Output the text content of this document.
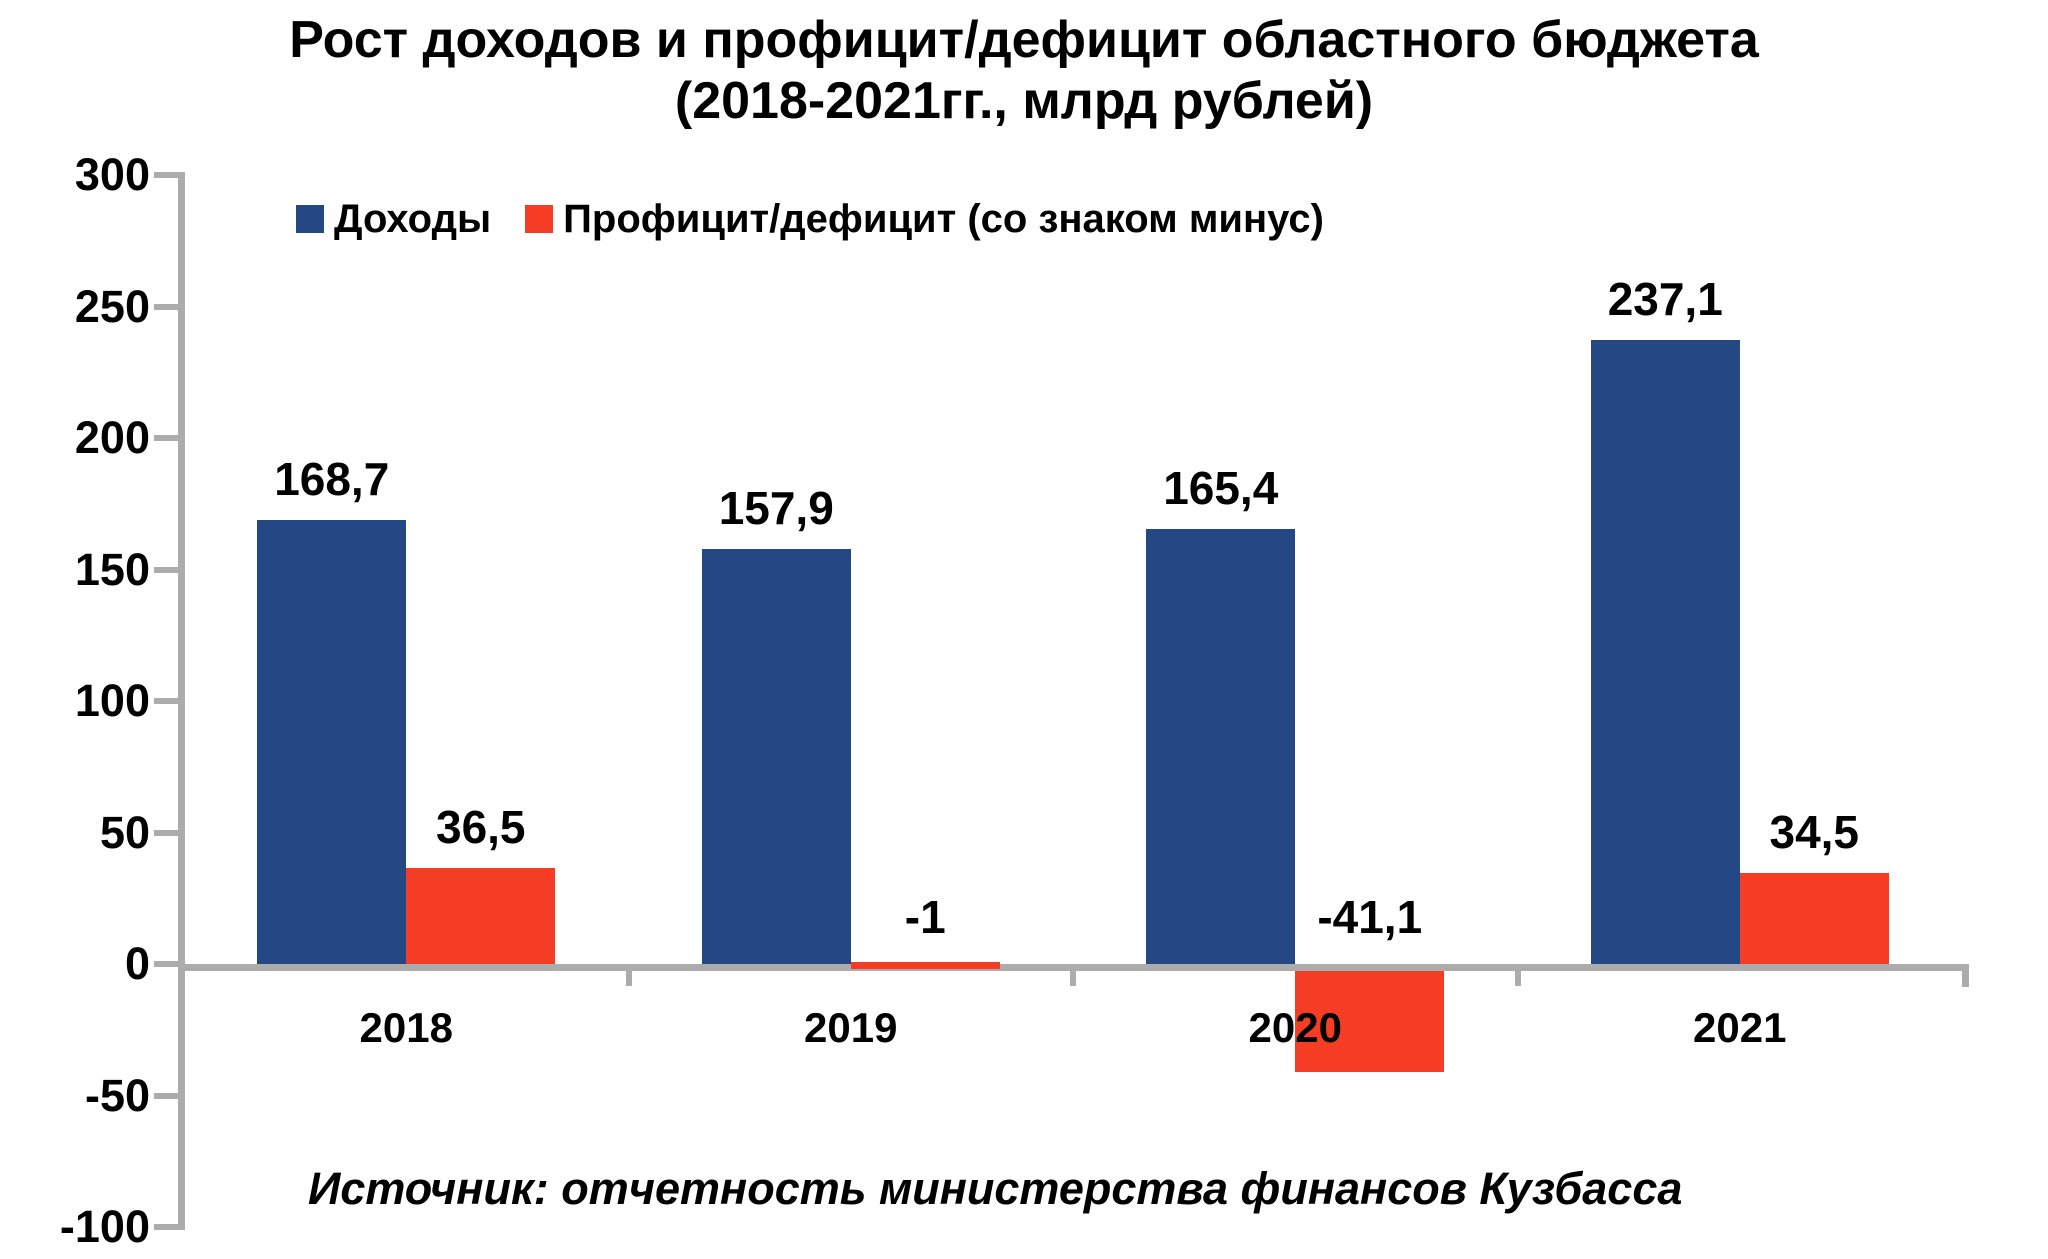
Рост доходов и профицит/дефицит областного бюджета
(2018-2021гг., млрд рублей)
Доходы Профицит/дефицит (со знаком минус)
300
250
200
150
100
50
0
-50
-100
168,7
36,5
2018
157,9
-1
2019
165,4
-41,1
2020
237,1
34,5
2021
Источник: отчетность министерства финансов Кузбасса
